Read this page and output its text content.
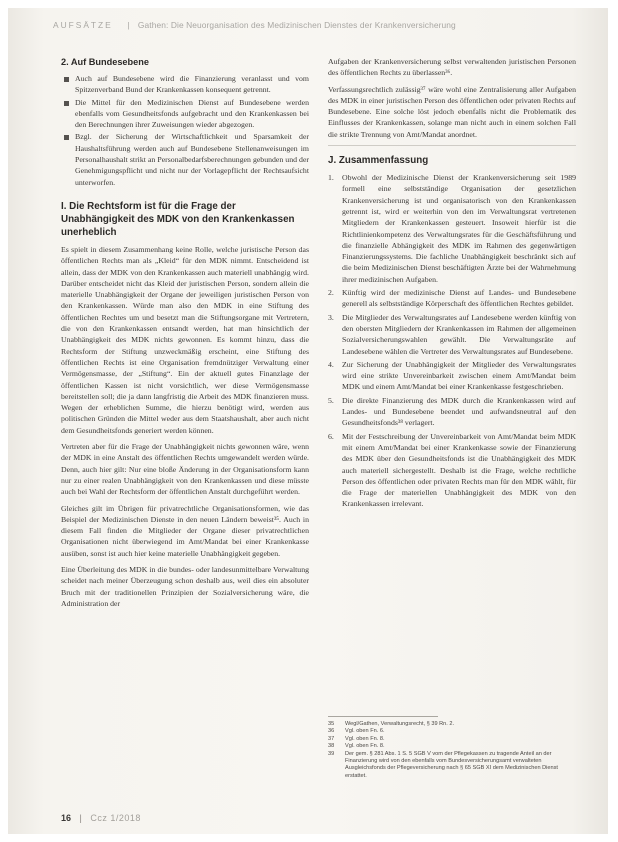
AUFSÄTZE | Gathen: Die Neuorganisation des Medizinischen Dienstes der Krankenversicherung
2. Auf Bundesebene
Auch auf Bundesebene wird die Finanzierung veranlasst und vom Spitzenverband Bund der Krankenkassen konsequent getrennt.
Die Mittel für den Medizinischen Dienst auf Bundesebene werden ebenfalls vom Gesundheitsfonds aufgebracht und den Krankenkassen bei den Berechnungen ihrer Zuweisungen wieder abgezogen.
Bzgl. der Sicherung der Wirtschaftlichkeit und Sparsamkeit der Haushaltsführung werden auch auf Bundesebene Stellenanweisungen im Personalhaushalt strikt an Personalbedarfsberechnungen gebunden und der Genehmigungspflicht und nicht nur der Vorlagepflicht der Rechtsaufsicht unterworfen.
I. Die Rechtsform ist für die Frage der Unabhängigkeit des MDK von den Krankenkassen unerheblich

Es spielt in diesem Zusammenhang keine Rolle, welche juristische Person das öffentlichen Rechts man als „Kleid“ für den MDK nimmt. Entscheidend ist allein, dass der MDK von den Krankenkassen auch materiell unabhängig wird. Darüber entscheidet nicht das Kleid der juristischen Person, sondern allein die materielle Unabhängigkeit der Organe der jeweiligen juristischen Person von den Krankenkassen. Würde man also den MDK in eine Stiftung des öffentlichen Rechtes um und besetzt man die Stiftungsorgane mit Vertretern, die von den Krankenkassen entsandt werden, hat man hinsichtlich der Unabhängigkeit des MDK nichts gewonnen. Es kommt hinzu, dass die Rechtsform der Stiftung unzweckmäßig erscheint, eine Stiftung des öffentlichen Rechts ist eine Organisation fremdnütziger Verwaltung einer Vermögensmasse, der „Stiftung“. Ein der aktuell gutes Finanzlage der öffentlichen Kassen ist nicht vorsichtlich, wer diese Vermögensmasse bereitstellen soll; die ja dann langfristig die Arbeit des MDK finanzieren muss. Wegen der erheblichen Summe, die hierzu benötigt wird, werden aus politischen Gründen die Mittel weder aus dem Staatshaushalt, aber auch nicht dem Gesundheitsfonds generiert werden können.

Vertreten aber für die Frage der Unabhängigkeit nichts gewonnen wäre, wenn der MDK in eine Anstalt des öffentlichen Rechts umgewandelt werden würde. Denn, auch hier gilt: Nur eine bloße Änderung in der Organisationsform kann nur zu einer realen Unabhängigkeit von den Krankenkassen und diese müsste auch bei Wahl der Rechtsform der öffentlichen Anstalt durchgeführt werden.

Gleiches gilt im Übrigen für privatrechtliche Organisationsformen, wie das Beispiel der Medizinischen Dienste in den neuen Ländern beweist³⁵. Auch in diesem Fall finden die Mitglieder der Organe dieser privatrechtlichen Organisationen nicht überwiegend im Amt/Mandat bei einer Krankenkasse ausüben, sonst ist auch hier keine materielle Unabhängigkeit gegeben.

Eine Überleitung des MDK in die bundes- oder landesunmittelbare Verwaltung scheidet nach meiner Überzeugung schon deshalb aus, weil dies ein absoluter Bruch mit der traditionellen Prinzipien der Sozialversicherung wäre, die Administration der

Aufgaben der Krankenversicherung selbst verwaltenden juristischen Personen des öffentlichen Rechts zu überlassen³⁶.

Verfassungsrechtlich zulässig³⁷ wäre wohl eine Zentralisierung aller Aufgaben des MDK in einer juristischen Person des öffentlichen oder privaten Rechts auf Bundesebene. Eine solche löst jedoch ebenfalls nicht die Problematik des Einflusses der Krankenkassen, solange man nicht auch in einem solchen Fall die strikte Trennung von Amt/Mandat anordnet.

J. Zusammenfassung
1. Obwohl der Medizinische Dienst der Krankenversicherung seit 1989 formell eine selbstständige Organisation der gesetzlichen Krankenversicherung ist und organisatorisch von den Krankenkassen getrennt ist, wird er weiterhin von den im Verwaltungsrat vertretenen Mitgliedern der Krankenkassen gesteuert. Insoweit hierfür ist die Richtlinienkompetenz des Verwaltungsrates für die Geschäftsführung und die finanzielle Abhängigkeit des MDK im Rahmen des gegenwärtigen Finanzierungssystems. Die fachliche Unabhängigkeit beschränkt sich auf die beim Medizinischen Dienst beschäftigten Ärzte bei der Wahrnehmung ihrer medizinischen Aufgaben.
2. Künftig wird der medizinische Dienst auf Landes- und Bundesebene generell als selbstständige Körperschaft des öffentlichen Rechtes gebildet.
3. Die Mitglieder des Verwaltungsrates auf Landesebene werden künftig von den obersten Mitgliedern der Krankenkassen im Rahmen der allgemeinen Sozialversicherungswahlen gewählt. Die Verwaltungsräte auf Landesebene wählen die Vertreter des Verwaltungsrates auf Bundesebene.
4. Zur Sicherung der Unabhängigkeit der Mitglieder des Verwaltungsrates wird eine strikte Unvereinbarkeit zwischen einem Amt/Mandat beim MDK und einem Amt/Mandat bei einer Krankenkasse festgeschrieben.
5. Die direkte Finanzierung des MDK durch die Krankenkassen wird auf Landes- und Bundesebene beendet und aufwandsneutral auf den Gesundheitsfonds³⁸ verlagert.
6. Mit der Festschreibung der Unvereinbarkeit von Amt/Mandat beim MDK mit einem Amt/Mandat bei einer Krankenkasse sowie der Finanzierung des MDK über den Gesundheitsfonds ist die Unabhängigkeit des MDK auch materiell sichergestellt. Deshalb ist die Frage, welche rechtliche Person des öffentlichen oder privaten Rechts man für den MDK wählt, für die Frage der materiellen Unabhängigkeit des MDK von den Krankenkassen irrelevant.
35 Wegl/Gathen, Verwaltungsrecht, § 39 Rn. 2.
36 Vgl. oben Fn. 6.
37 Vgl. oben Fn. 8.
38 Vgl. oben Fn. 8.
39 Der gem. § 281 Abs. 1 S. 5 SGB V vom der Pflegekassen zu tragende Anteil an der Finanzierung wird von den ebenfalls vom Bundesversicherungsamt verwalteten Ausgleichsfonds der Pflegeversicherung nach § 65 SGB XI dem Medizinischen Dienst erstattet.
16 | Ccz 1/2018
